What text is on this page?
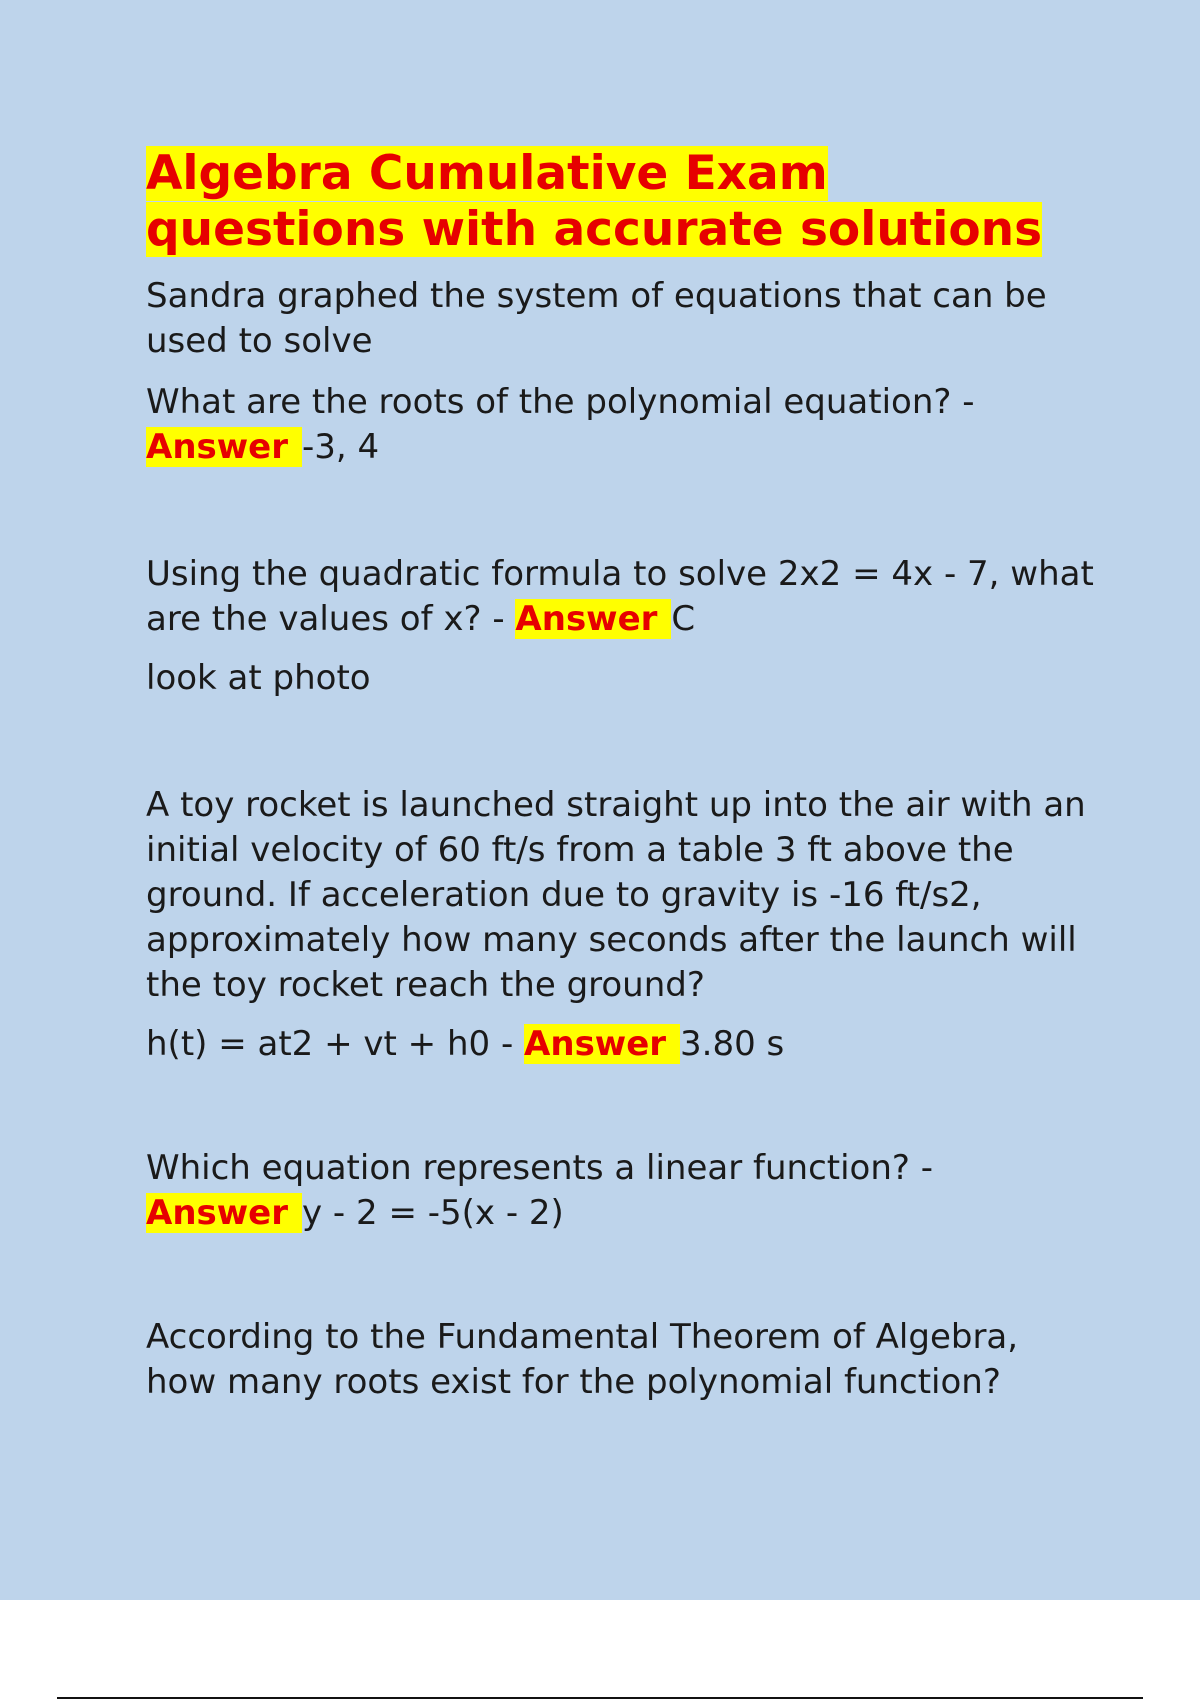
Algebra Cumulative Exam
questions with accurate solutions

Sandra graphed the system of equations that can be used to solve

What are the roots of the polynomial equation? - Answer -3, 4

Using the quadratic formula to solve 2x2 = 4x - 7, what are the values of x? - Answer C

look at photo

A toy rocket is launched straight up into the air with an initial velocity of 60 ft/s from a table 3 ft above the ground. If acceleration due to gravity is -16 ft/s2, approximately how many seconds after the launch will the toy rocket reach the ground?

h(t) = at2 + vt + h0 - Answer 3.80 s

Which equation represents a linear function? - Answer y - 2 = -5(x - 2)

According to the Fundamental Theorem of Algebra, how many roots exist for the polynomial function?
